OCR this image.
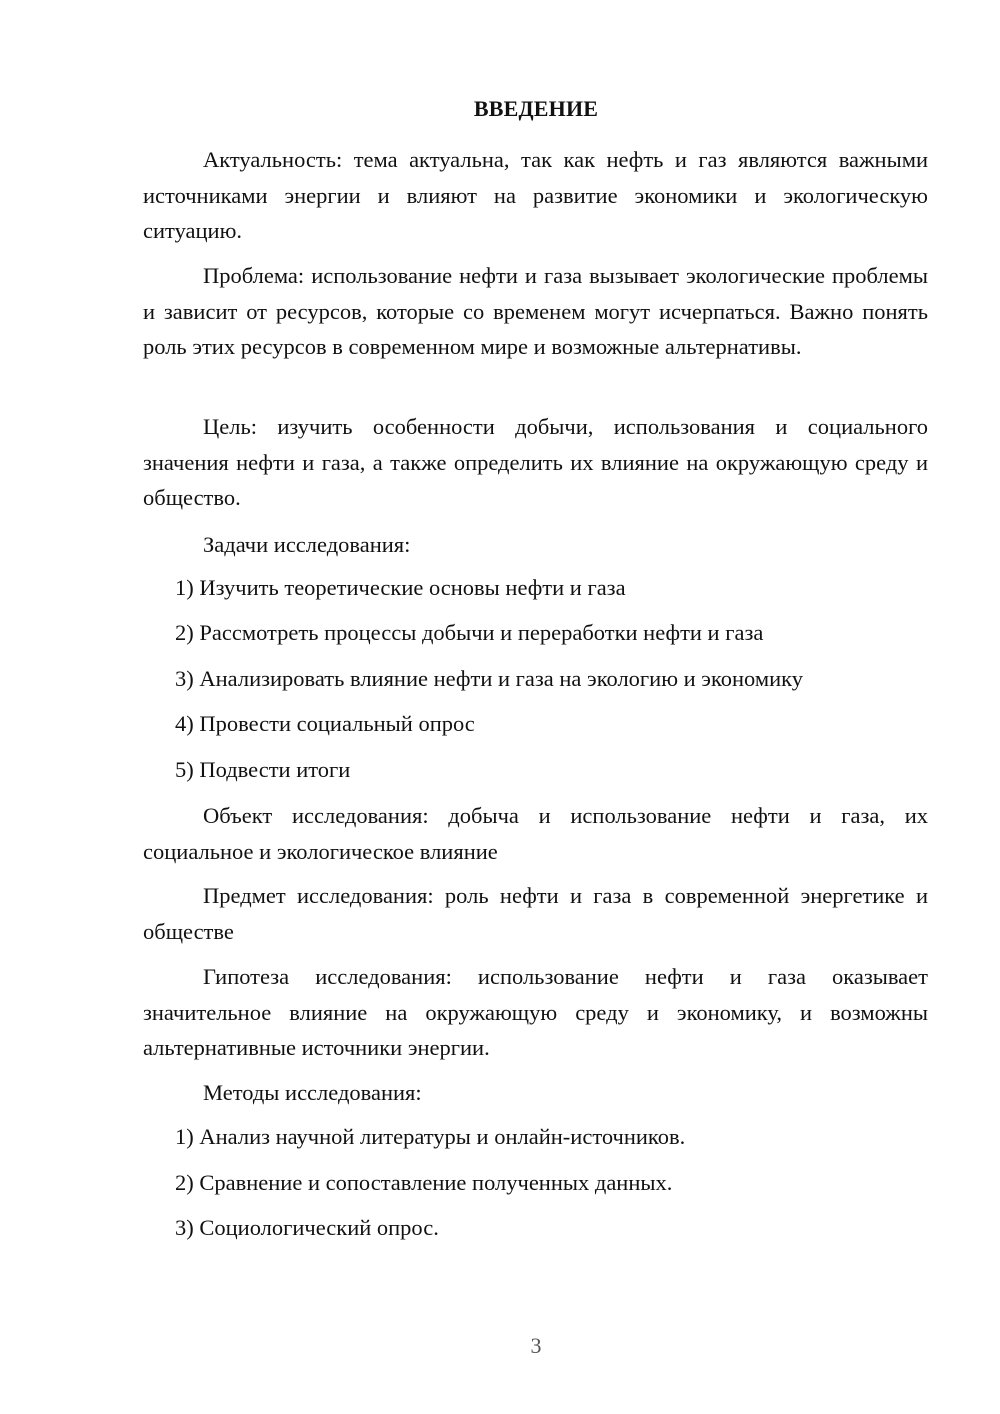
ВВЕДЕНИЕ

Актуальность: тема актуальна, так как нефть и газ являются важными источниками энергии и влияют на развитие экономики и экологическую ситуацию.

Проблема: использование нефти и газа вызывает экологические проблемы и зависит от ресурсов, которые со временем могут исчерпаться. Важно понять роль этих ресурсов в современном мире и возможные альтернативы.

Цель: изучить особенности добычи, использования и социального значения нефти и газа, а также определить их влияние на окружающую среду и общество.

Задачи исследования:

1) Изучить теоретические основы нефти и газа

2) Рассмотреть процессы добычи и переработки нефти и газа

3) Анализировать влияние нефти и газа на экологию и экономику

4) Провести социальный опрос

5) Подвести итоги

Объект исследования: добыча и использование нефти и газа, их социальное и экологическое влияние

Предмет исследования: роль нефти и газа в современной энергетике и обществе

Гипотеза исследования: использование нефти и газа оказывает значительное влияние на окружающую среду и экономику, и возможны альтернативные источники энергии.

Методы исследования:

1) Анализ научной литературы и онлайн-источников.

2) Сравнение и сопоставление полученных данных.

3) Социологический опрос.

3
